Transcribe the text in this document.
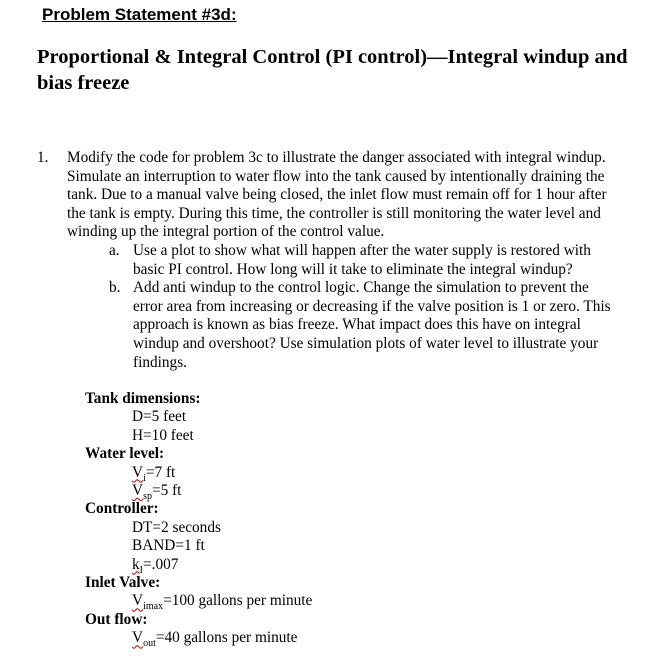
Problem Statement #3d:
Proportional & Integral Control (PI control)—Integral windup and bias freeze
1. Modify the code for problem 3c to illustrate the danger associated with integral windup. Simulate an interruption to water flow into the tank caused by intentionally draining the tank. Due to a manual valve being closed, the inlet flow must remain off for 1 hour after the tank is empty. During this time, the controller is still monitoring the water level and winding up the integral portion of the control value.
a. Use a plot to show what will happen after the water supply is restored with basic PI control. How long will it take to eliminate the integral windup?
b. Add anti windup to the control logic. Change the simulation to prevent the error area from increasing or decreasing if the valve position is 1 or zero. This approach is known as bias freeze. What impact does this have on integral windup and overshoot? Use simulation plots of water level to illustrate your findings.
Tank dimensions:
D=5 feet
H=10 feet
Water level:
$V_i=7$ ft
$V_{sp}=5$ ft
Controller:
DT=2 seconds
BAND=1 ft
$k_I=.007$
Inlet Valve:
$V_{imax}=100$ gallons per minute
Out flow:
$V_{out}=40$ gallons per minute
